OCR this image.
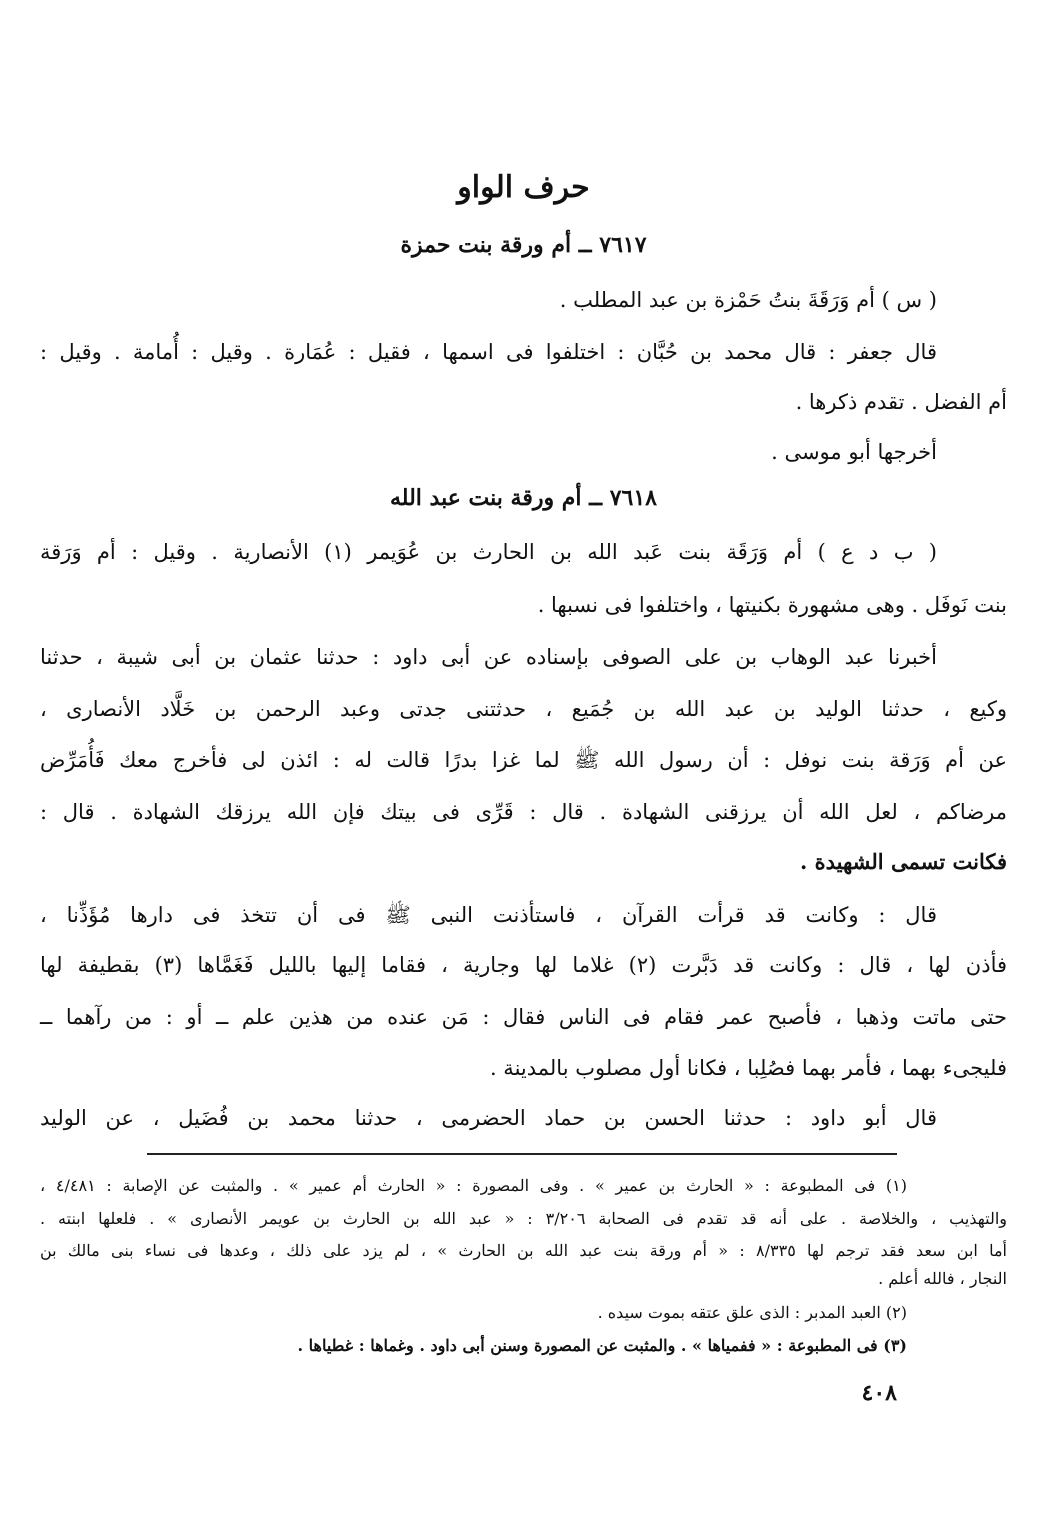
حرف الواو
٧٦١٧ ــ أم ورقة بنت حمزة
( س ) أم وَرَقَةَ بنتُ حَمْزة بن عبد المطلب .
قال جعفر : قال محمد بن حُبَّان : اختلفوا فى اسمها ، فقيل : عُمَارة . وقيل : أُمامة . وقيل :
أم الفضل . تقدم ذكرها .
أخرجها أبو موسى .
٧٦١٨ ــ أم ورقة بنت عبد الله
( ب د ع ) أم وَرَقَة بنت عَبد الله بن الحارث بن عُوَيمر (١) الأنصارية . وقيل : أم وَرَقة
بنت نَوفَل . وهى مشهورة بكنيتها ، واختلفوا فى نسبها .
أخبرنا عبد الوهاب بن على الصوفى بإسناده عن أبى داود : حدثنا عثمان بن أبى شيبة ، حدثنا
وكيع ، حدثنا الوليد بن عبد الله بن جُمَيع ، حدثتنى جدتى وعبد الرحمن بن خَلَّاد الأنصارى ،
عن أم وَرَقة بنت نوفل : أن رسول الله ﷺ لما غزا بدرًا قالت له : ائذن لى فأخرج معك فَأُمَرِّض
مرضاكم ، لعل الله أن يرزقنى الشهادة . قال : قَرِّى فى بيتك فإن الله يرزقك الشهادة . قال :
فكانت تسمى الشهيدة .
قال : وكانت قد قرأت القرآن ، فاستأذنت النبى ﷺ فى أن تتخذ فى دارها مُؤَذِّنا ،
فأذن لها ، قال : وكانت قد دَبَّرت (٢) غلاما لها وجارية ، فقاما إليها بالليل فَغَمَّاها (٣) بقطيفة لها
حتى ماتت وذهبا ، فأصبح عمر فقام فى الناس فقال : مَن عنده من هذين علم ــ أو : من رآهما ــ
فليجىء بهما ، فأمر بهما فصُلِبا ، فكانا أول مصلوب بالمدينة .
قال أبو داود : حدثنا الحسن بن حماد الحضرمى ، حدثنا محمد بن فُضَيل ، عن الوليد
(١) فى المطبوعة : « الحارث بن عمير » . وفى المصورة : « الحارث أم عمير » . والمثبت عن الإصابة : ٤/٤٨١ ،
والتهذيب ، والخلاصة . على أنه قد تقدم فى الصحابة ٣/٢٠٦ : « عبد الله بن الحارث بن عويمر الأنصارى » . فلعلها ابنته .
أما ابن سعد فقد ترجم لها ٨/٣٣٥ : « أم ورقة بنت عبد الله بن الحارث » ، لم يزد على ذلك ، وعدها فى نساء بنى مالك بن
النجار ، فالله أعلم .
(٢) العبد المدبر : الذى علق عتقه بموت سيده .
(٣) فى المطبوعة : « ففمياها » . والمثبت عن المصورة وسنن أبى داود . وغماها : غطياها .
٤٠٨
